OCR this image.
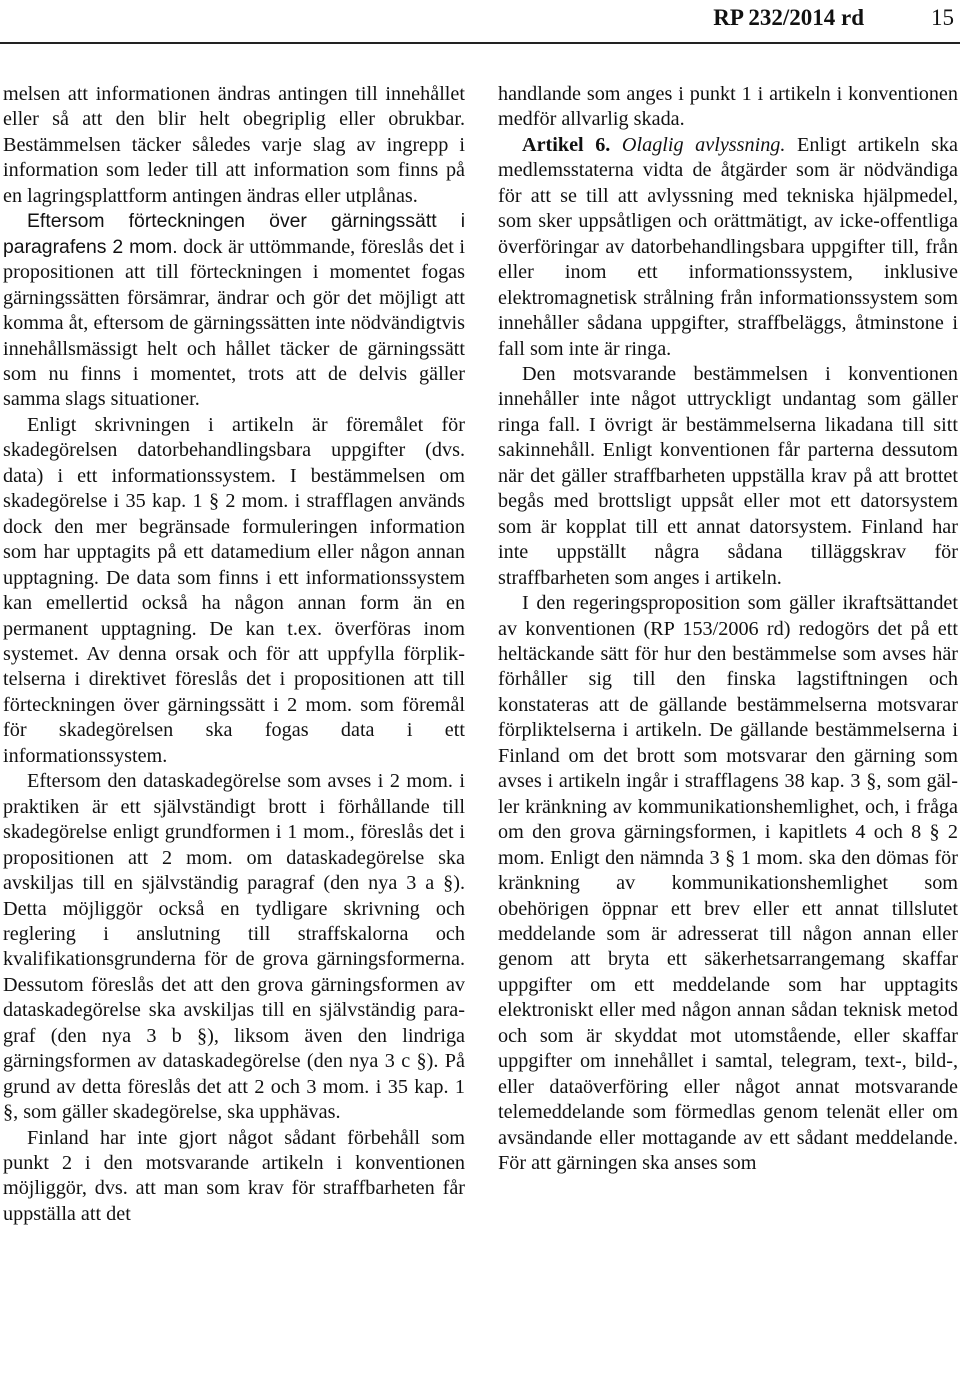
RP 232/2014 rd	15

melsen att informationen ändras antingen till innehållet eller så att den blir helt obegriplig eller obrukbar. Bestämmelsen täcker således varje slag av ingrepp i information som leder till att information som finns på en lagringsplattform antingen ändras eller utplånas.

Eftersom förteckningen över gärningssätt i paragrafens 2 mom. dock är uttömmande, föreslås det i propositionen att till förteckningen i momentet fogas gärningssätten försämrar, ändrar och gör det möjligt att komma åt, eftersom de gärningssätten inte nödvändigtvis innehållsmässigt helt och hållet täcker de gärningssätt som nu finns i momentet, trots att de delvis gäller samma slags situationer.

Enligt skrivningen i artikeln är föremålet för skadegörelsen datorbehandlingsbara uppgifter (dvs. data) i ett informationssystem. I bestämmelsen om skadegörelse i 35 kap. 1 § 2 mom. i strafflagen används dock den mer begränsade formuleringen information som har upptagits på ett datamedium eller någon annan upptagning. De data som finns i ett informationssystem kan emellertid också ha någon annan form än en permanent upptagning. De kan t.ex. överföras inom systemet. Av denna orsak och för att uppfylla förpliktelserna i direktivet föreslås det i propositionen att till förteckningen över gärningssätt i 2 mom. som föremål för skadegörelsen ska fogas data i ett informationssystem.

Eftersom den dataskadegörelse som avses i 2 mom. i praktiken är ett självständigt brott i förhållande till skadegörelse enligt grundformen i 1 mom., föreslås det i propositionen att 2 mom. om dataskadegörelse ska avskiljas till en självständig paragraf (den nya 3 a §). Detta möjliggör också en tydligare skrivning och reglering i anslutning till straffskalorna och kvalifikationsgrunderna för de grova gärningsformerna. Dessutom föreslås det att den grova gärningsformen av dataskadegörelse ska avskiljas till en självständig paragraf (den nya 3 b §), liksom även den lindriga gärningsformen av dataskadegörelse (den nya 3 c §). På grund av detta föreslås det att 2 och 3 mom. i 35 kap. 1 §, som gäller skadegörelse, ska upphävas.

Finland har inte gjort något sådant förbehåll som punkt 2 i den motsvarande artikeln i konventionen möjliggör, dvs. att man som krav för straffbarheten får uppställa att det

handlande som anges i punkt 1 i artikeln i konventionen medför allvarlig skada.

Artikel 6. Olaglig avlyssning. Enligt artikeln ska medlemsstaterna vidta de åtgärder som är nödvändiga för att se till att avlyssning med tekniska hjälpmedel, som sker uppsåtligen och orättmätigt, av icke-offentliga överföringar av datorbehandlingsbara uppgifter till, från eller inom ett informationssystem, inklusive elektromagnetisk strålning från informationssystem som innehåller sådana uppgifter, straffbeläggs, åtminstone i fall som inte är ringa.

Den motsvarande bestämmelsen i konventionen innehåller inte något uttryckligt undantag som gäller ringa fall. I övrigt är bestämmelserna likadana till sitt sakinnehåll. Enligt konventionen får parterna dessutom när det gäller straffbarheten uppställa krav på att brottet begås med brottsligt uppsåt eller mot ett datorsystem som är kopplat till ett annat datorsystem. Finland har inte uppställt några sådana tilläggskrav för straffbarheten som anges i artikeln.

I den regeringsproposition som gäller ikraftsättandet av konventionen (RP 153/2006 rd) redogörs det på ett heltäckande sätt för hur den bestämmelse som avses här förhåller sig till den finska lagstiftningen och konstateras att de gällande bestämmelserna motsvarar förpliktelserna i artikeln. De gällande bestämmelserna i Finland om det brott som motsvarar den gärning som avses i artikeln ingår i strafflagens 38 kap. 3 §, som gäller kränkning av kommunikationshemlighet, och, i fråga om den grova gärningsformen, i kapitlets 4 och 8 § 2 mom. Enligt den nämnda 3 § 1 mom. ska den dömas för kränkning av kommunikationshemlighet som obehörigen öppnar ett brev eller ett annat tillslutet meddelande som är adresserat till någon annan eller genom att bryta ett säkerhetsarrangemang skaffar uppgifter om ett meddelande som har upptagits elektroniskt eller med någon annan sådan teknisk metod och som är skyddat mot utomstående, eller skaffar uppgifter om innehållet i samtal, telegram, text-, bild-, eller dataöverföring eller något annat motsvarande telemeddelande som förmedlas genom telenät eller om avsändande eller mottagande av ett sådant meddelande. För att gärningen ska anses som
